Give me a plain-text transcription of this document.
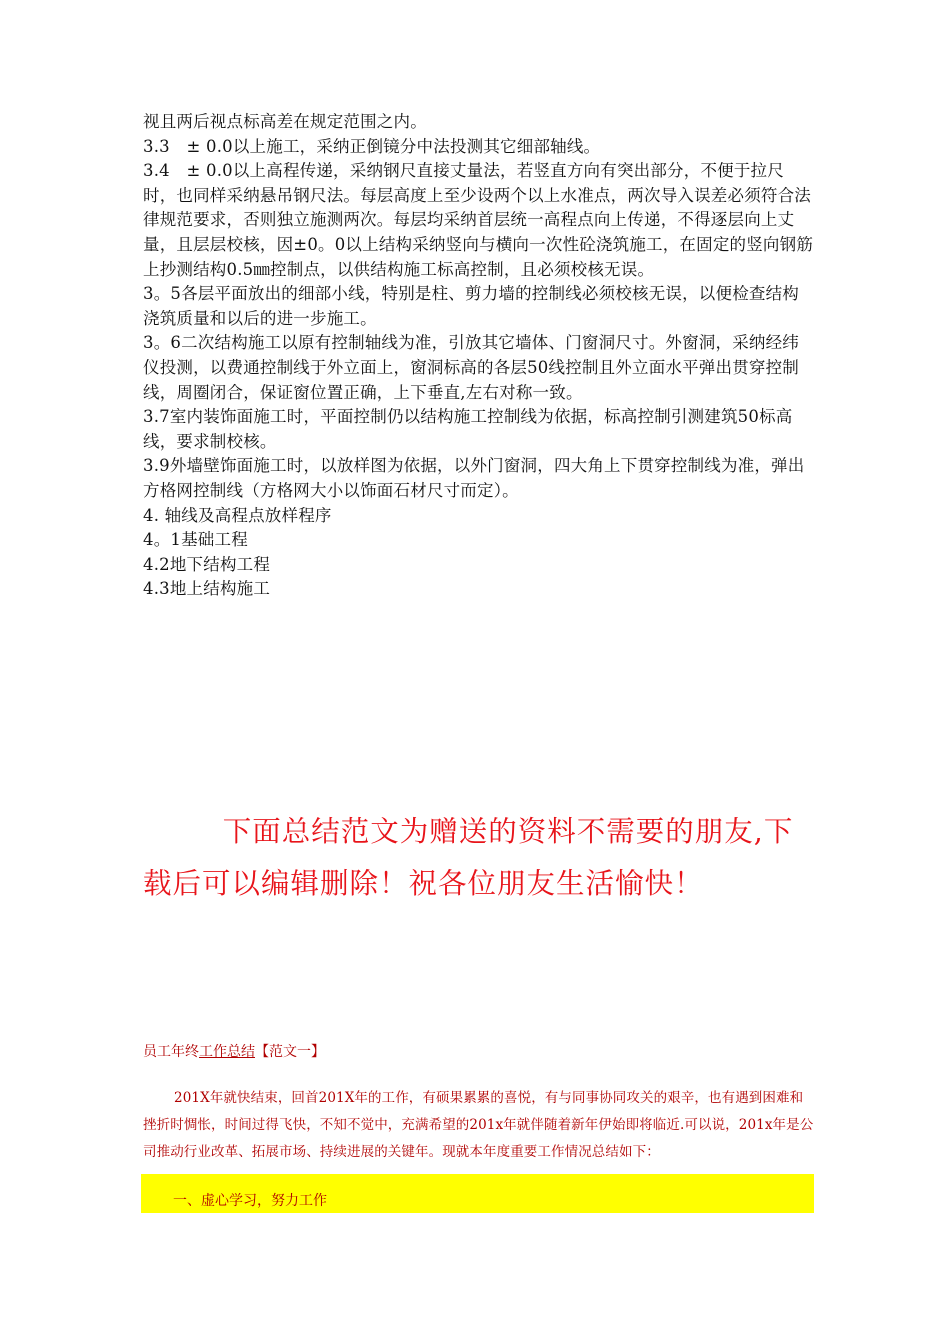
视且两后视点标高差在规定范围之内。

3.3　± 0.0以上施工，采纳正倒镜分中法投测其它细部轴线。

3.4　± 0.0以上高程传递，采纳钢尺直接丈量法，若竖直方向有突出部分，不便于拉尺时，也同样采纳悬吊钢尺法。每层高度上至少设两个以上水准点，两次导入误差必须符合法律规范要求，否则独立施测两次。每层均采纳首层统一高程点向上传递，不得逐层向上丈量，且层层校核，因±0。0以上结构采纳竖向与横向一次性砼浇筑施工，在固定的竖向钢筋上抄测结构0.5㎜控制点，以供结构施工标高控制，且必须校核无误。

3。5各层平面放出的细部小线，特别是柱、剪力墙的控制线必须校核无误，以便检查结构浇筑质量和以后的进一步施工。

3。6二次结构施工以原有控制轴线为准，引放其它墙体、门窗洞尺寸。外窗洞，采纳经纬仪投测，以费通控制线于外立面上，窗洞标高的各层50线控制且外立面水平弹出贯穿控制线，周圈闭合，保证窗位置正确，上下垂直,左右对称一致。

3.7室内装饰面施工时，平面控制仍以结构施工控制线为依据，标高控制引测建筑50标高线，要求制校核。

3.9外墙壁饰面施工时，以放样图为依据，以外门窗洞，四大角上下贯穿控制线为准，弹出方格网控制线（方格网大小以饰面石材尺寸而定）。

4. 轴线及高程点放样程序

4。1基础工程

4.2地下结构工程

4.3地上结构施工

下面总结范文为赠送的资料不需要的朋友,下载后可以编辑删除！祝各位朋友生活愉快！

员工年终工作总结【范文一】

201X年就快结束，回首201X年的工作，有硕果累累的喜悦，有与同事协同攻关的艰辛，也有遇到困难和挫折时惆怅，时间过得飞快，不知不觉中，充满希望的201x年就伴随着新年伊始即将临近.可以说，201x年是公司推动行业改革、拓展市场、持续进展的关键年。现就本年度重要工作情况总结如下：

一、虚心学习，努力工作
